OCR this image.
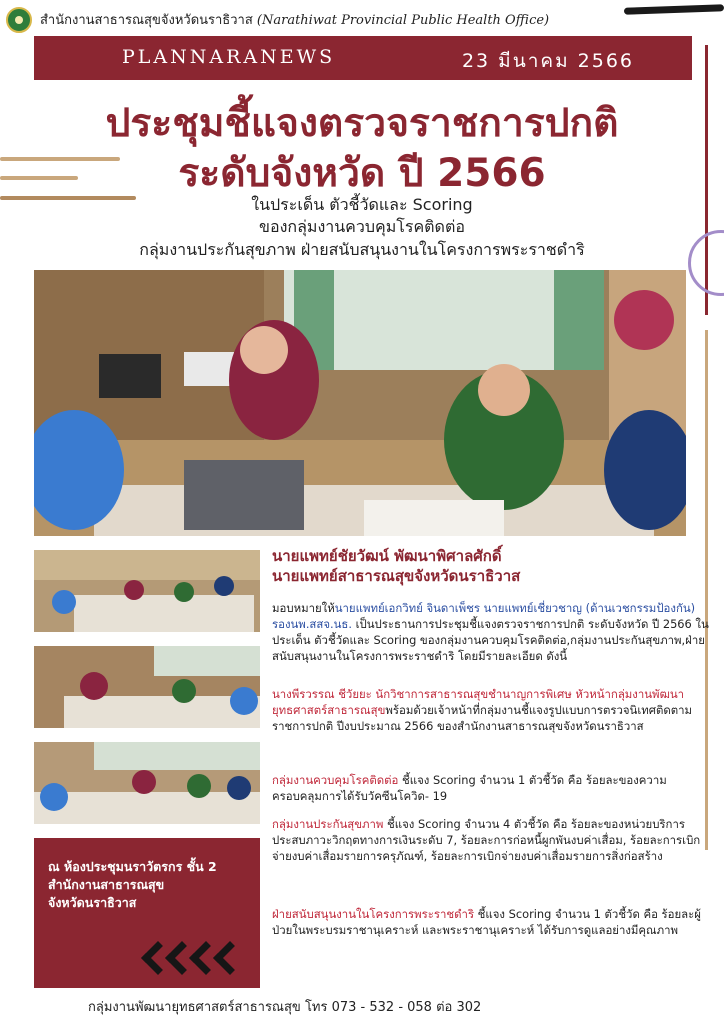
สำนักงานสาธารณสุขจังหวัดนราธิวาส (Narathiwat Provincial Public Health Office)
PLANNARANEWS	23 มีนาคม 2566
ประชุมชี้แจงตรวจราชการปกติ
ระดับจังหวัด ปี 2566
ในประเด็น ตัวชี้วัดและ Scoring
ของกลุ่มงานควบคุมโรคติดต่อ
กลุ่มงานประกันสุขภาพ ฝ่ายสนับสนุนงานในโครงการพระราชดำริ
นายแพทย์ชัยวัฒน์ พัฒนาพิศาลศักดิ์
นายแพทย์สาธารณสุขจังหวัดนราธิวาส
มอบหมายให้นายแพทย์เอกวิทย์ จินดาเพ็ชร นายแพทย์เชี่ยวชาญ (ด้านเวชกรรมป้องกัน) รองนพ.สสจ.นธ. เป็นประธานการประชุมชี้แจงตรวจราชการปกติ ระดับจังหวัด ปี 2566 ในประเด็น ตัวชี้วัดและ Scoring ของกลุ่มงานควบคุมโรคติดต่อ,กลุ่มงานประกันสุขภาพ,ฝ่ายสนับสนุนงานในโครงการพระราชดำริ โดยมีรายละเอียด ดังนี้
นางพีรวรรณ ชีวัยยะ นักวิชาการสาธารณสุขชำนาญการพิเศษ หัวหน้ากลุ่มงานพัฒนายุทธศาสตร์สาธารณสุขพร้อมด้วยเจ้าหน้าที่กลุ่มงานชี้แจงรูปแบบการตรวจนิเทศติดตามราชการปกติ ปีงบประมาณ 2566 ของสำนักงานสาธารณสุขจังหวัดนราธิวาส
กลุ่มงานควบคุมโรคติดต่อ ชี้แจง Scoring จำนวน 1 ตัวชี้วัด คือ ร้อยละของความครอบคลุมการได้รับวัคซีนโควิด- 19
กลุ่มงานประกันสุขภาพ ชี้แจง Scoring จำนวน 4 ตัวชี้วัด คือ ร้อยละของหน่วยบริการประสบภาวะวิกฤตทางการเงินระดับ 7, ร้อยละการก่อหนี้ผูกพันงบค่าเสื่อม, ร้อยละการเบิกจ่ายงบค่าเสื่อมรายการครุภัณฑ์, ร้อยละการเบิกจ่ายงบค่าเสื่อมรายการสิ่งก่อสร้าง
ฝ่ายสนับสนุนงานในโครงการพระราชดำริ ชี้แจง Scoring จำนวน 1 ตัวชี้วัด คือ ร้อยละผู้ป่วยในพระบรมราชานุเคราะห์ และพระราชานุเคราะห์ ได้รับการดูแลอย่างมีคุณภาพ
ณ ห้องประชุมนราวัตรกร ชั้น 2
สำนักงานสาธารณสุข
จังหวัดนราธิวาส
กลุ่มงานพัฒนายุทธศาสตร์สาธารณสุข โทร 073 - 532 - 058 ต่อ 302
